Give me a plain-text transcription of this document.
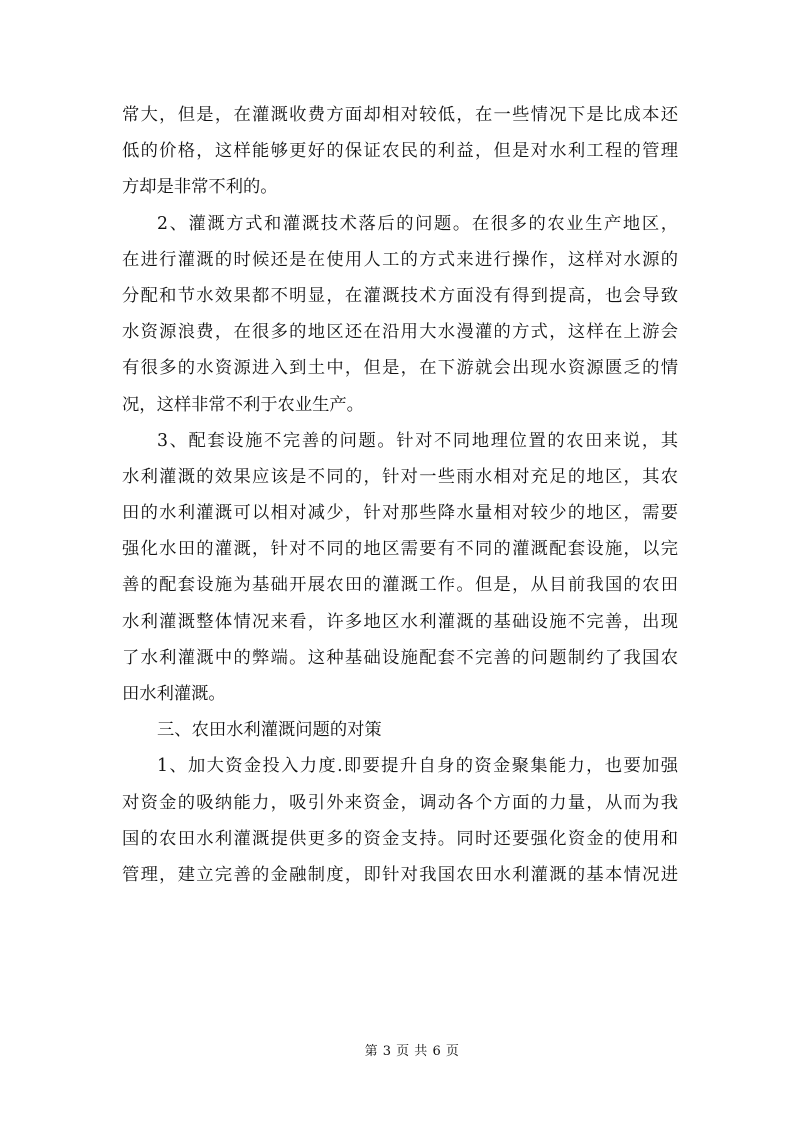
常大，但是，在灌溉收费方面却相对较低，在一些情况下是比成本还
低的价格，这样能够更好的保证农民的利益，但是对水利工程的管理
方却是非常不利的。
2、灌溉方式和灌溉技术落后的问题。在很多的农业生产地区，
在进行灌溉的时候还是在使用人工的方式来进行操作，这样对水源的
分配和节水效果都不明显，在灌溉技术方面没有得到提高，也会导致
水资源浪费，在很多的地区还在沿用大水漫灌的方式，这样在上游会
有很多的水资源进入到土中，但是，在下游就会出现水资源匮乏的情
况，这样非常不利于农业生产。
3、配套设施不完善的问题。针对不同地理位置的农田来说，其
水利灌溉的效果应该是不同的，针对一些雨水相对充足的地区，其农
田的水利灌溉可以相对减少，针对那些降水量相对较少的地区，需要
强化水田的灌溉，针对不同的地区需要有不同的灌溉配套设施，以完
善的配套设施为基础开展农田的灌溉工作。但是，从目前我国的农田
水利灌溉整体情况来看，许多地区水利灌溉的基础设施不完善，出现
了水利灌溉中的弊端。这种基础设施配套不完善的问题制约了我国农
田水利灌溉。
三、农田水利灌溉问题的对策
1、加大资金投入力度.即要提升自身的资金聚集能力，也要加强
对资金的吸纳能力，吸引外来资金，调动各个方面的力量，从而为我
国的农田水利灌溉提供更多的资金支持。同时还要强化资金的使用和
管理，建立完善的金融制度，即针对我国农田水利灌溉的基本情况进
第 3 页 共 6 页
